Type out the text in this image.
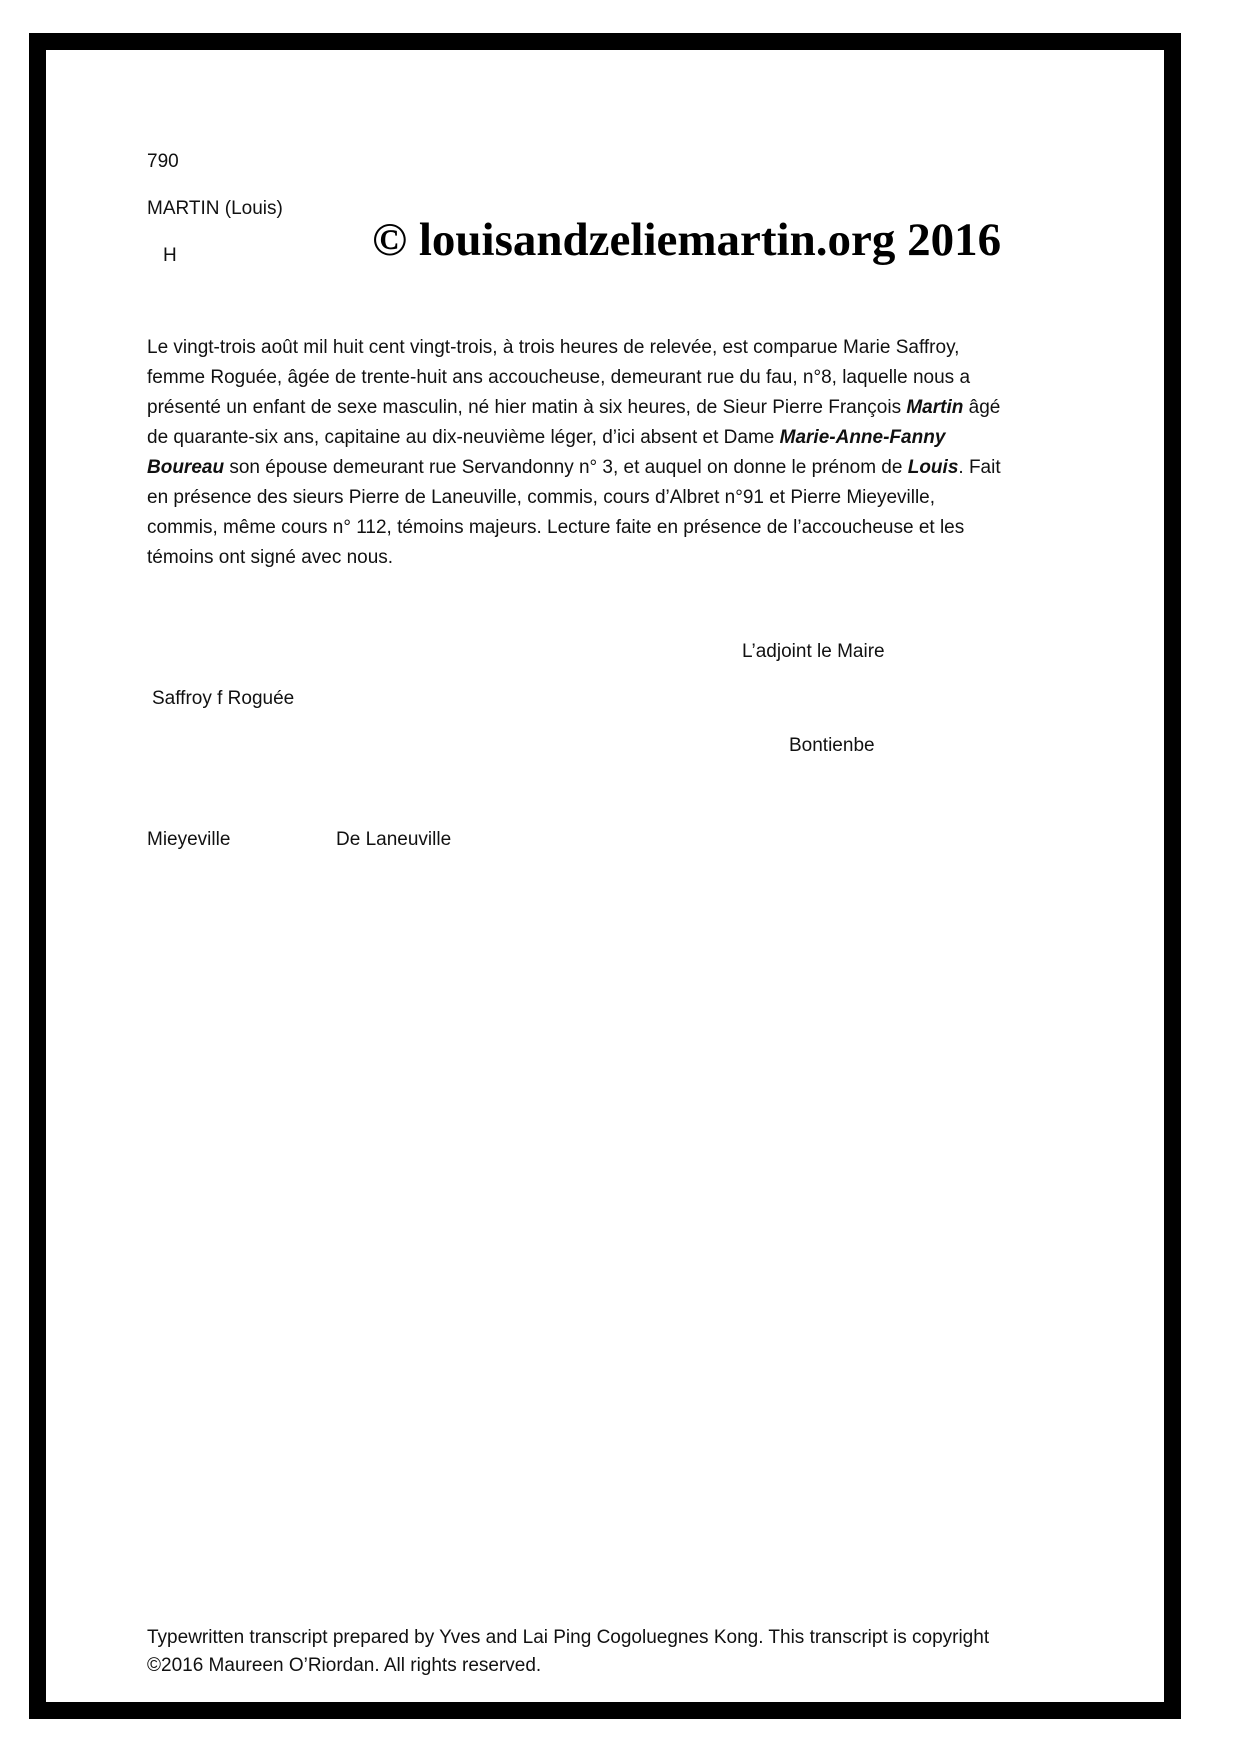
790
MARTIN (Louis)
H	© louisandzeliemartin.org 2016
Le vingt-trois août mil huit cent vingt-trois, à trois heures de relevée, est comparue Marie Saffroy,
femme Roguée, âgée de trente-huit ans accoucheuse, demeurant rue du fau, n°8, laquelle nous a
présenté un enfant de sexe masculin, né hier matin à six heures, de Sieur Pierre François Martin âgé
de quarante-six ans, capitaine au dix-neuvième léger, d’ici absent et Dame Marie-Anne-Fanny
Boureau son épouse demeurant rue Servandonny n° 3, et auquel on donne le prénom de Louis. Fait
en présence des sieurs Pierre de Laneuville, commis, cours d’Albret n°91 et Pierre Mieyeville,
commis, même cours n° 112, témoins majeurs. Lecture faite en présence de l’accoucheuse et les
témoins ont signé avec nous.
L’adjoint le Maire
Saffroy f Roguée
Bontienbe
Mieyeville	De Laneuville
Typewritten transcript prepared by Yves and Lai Ping Cogoluegnes Kong. This transcript is copyright
©2016 Maureen O’Riordan. All rights reserved.
